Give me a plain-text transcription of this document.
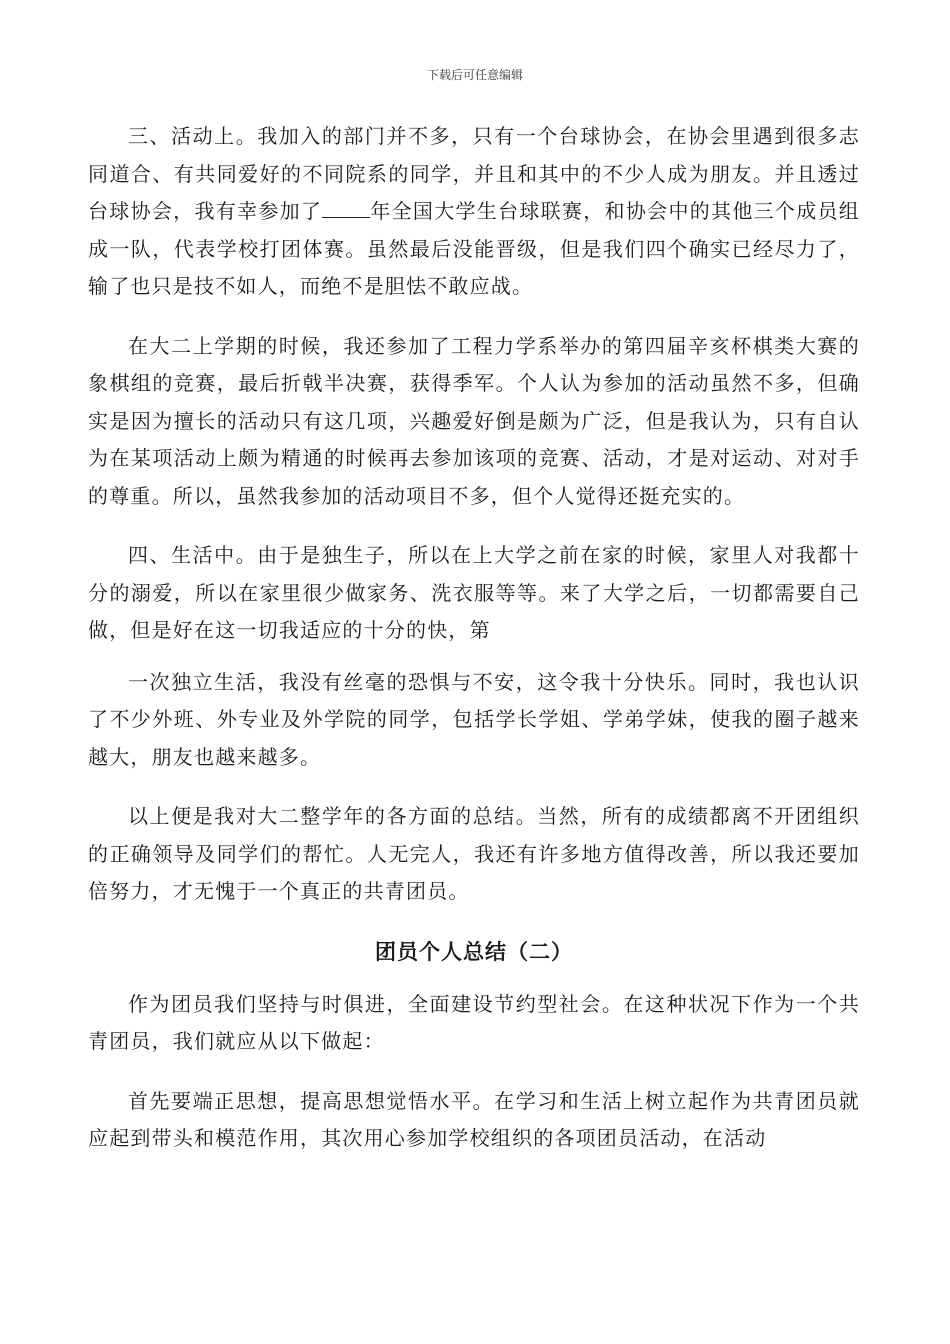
下载后可任意编辑

三、活动上。我加入的部门并不多，只有一个台球协会，在协会里遇到很多志同道合、有共同爱好的不同院系的同学，并且和其中的不少人成为朋友。并且透过台球协会，我有幸参加了 年全国大学生台球联赛，和协会中的其他三个成员组成一队，代表学校打团体赛。虽然最后没能晋级，但是我们四个确实已经尽力了，输了也只是技不如人，而绝不是胆怯不敢应战。

在大二上学期的时候，我还参加了工程力学系举办的第四届辛亥杯棋类大赛的象棋组的竞赛，最后折戟半决赛，获得季军。个人认为参加的活动虽然不多，但确实是因为擅长的活动只有这几项，兴趣爱好倒是颇为广泛，但是我认为，只有自认为在某项活动上颇为精通的时候再去参加该项的竞赛、活动，才是对运动、对对手的尊重。所以，虽然我参加的活动项目不多，但个人觉得还挺充实的。

四、生活中。由于是独生子，所以在上大学之前在家的时候，家里人对我都十分的溺爱，所以在家里很少做家务、洗衣服等等。来了大学之后，一切都需要自己做，但是好在这一切我适应的十分的快，第

一次独立生活，我没有丝毫的恐惧与不安，这令我十分快乐。同时，我也认识了不少外班、外专业及外学院的同学，包括学长学姐、学弟学妹，使我的圈子越来越大，朋友也越来越多。

以上便是我对大二整学年的各方面的总结。当然，所有的成绩都离不开团组织的正确领导及同学们的帮忙。人无完人，我还有许多地方值得改善，所以我还要加倍努力，才无愧于一个真正的共青团员。

团员个人总结（二）

作为团员我们坚持与时俱进，全面建设节约型社会。在这种状况下作为一个共青团员，我们就应从以下做起：

首先要端正思想，提高思想觉悟水平。在学习和生活上树立起作为共青团员就应起到带头和模范作用，其次用心参加学校组织的各项团员活动，在活动
